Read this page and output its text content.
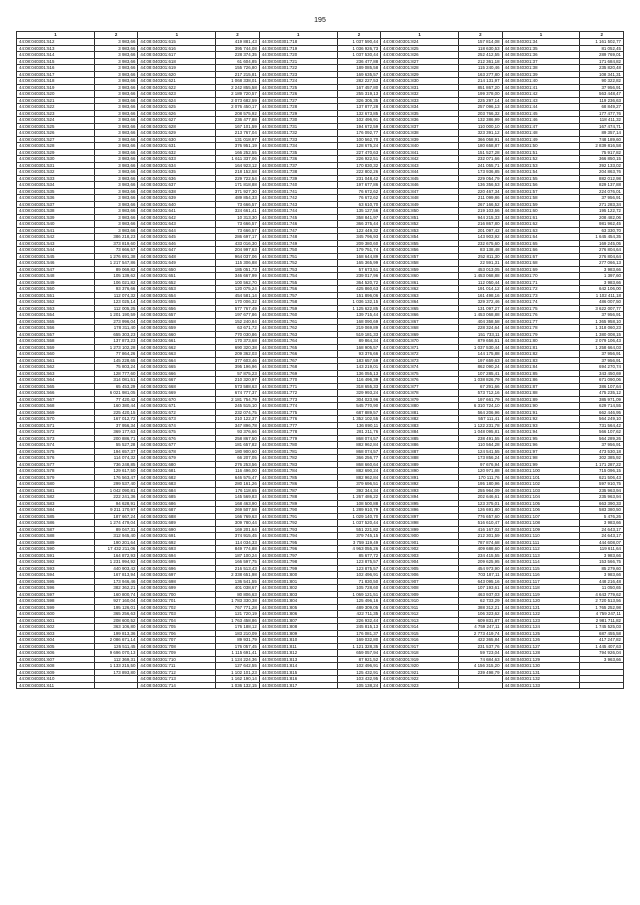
195
1	2	1	2	1	2	1	2	1	2
44:08:040301:512	3 983,66	44:08:040301:615	419 881,43	44:08:040301:718	1 037 590,44	44:08:040301:824	157 814,08	44:08:040301:34	1 161 502,77
44:08:040301:513	3 983,66	44:08:040301:616	395 744,08	44:08:040301:719	1 036 926,73	44:08:040301:825	118 630,53	44:08:040301:35	81 052,45
44:08:040301:514	3 983,66	44:08:040301:617	228 374,35	44:08:040301:720	1 037 530,44	44:08:040301:826	252 412,55	44:08:040301:36	289 769,01
44:08:040301:515	3 983,66	44:08:040301:618	61 604,85	44:08:040301:721	236 477,88	44:08:040301:827	212 361,18	44:08:040301:37	171 684,82
44:08:040301:516	3 983,66	44:08:040301:619	155 726,80	44:08:040301:722	189 085,58	44:08:040301:828	115 240,46	44:08:040301:38	235 820,48
44:08:040301:517	3 983,66	44:08:040301:620	217 215,81	44:08:040301:723	169 635,57	44:08:040301:829	163 277,80	44:08:040301:39	108 341,31
44:08:040301:518	3 983,66	44:08:040301:621	1 068 338,01	44:08:040301:724	282 227,53	44:08:040301:830	214 131,97	44:08:040301:40	90 322,82
44:08:040301:519	3 983,66	44:08:040301:622	2 242 855,58	44:08:040301:725	167 457,80	44:08:040301:831	851 867,20	44:08:040301:41	37 956,91
44:08:040301:520	3 983,66	44:08:040301:623	2 189 720,57	44:08:040301:726	255 319,13	44:08:040301:832	199 378,00	44:08:040301:42	563 448,47
44:08:040301:521	3 983,66	44:08:040301:624	2 073 682,59	44:08:040301:727	326 305,35	44:08:040301:833	225 297,14	44:08:040301:43	119 236,63
44:08:040301:522	3 983,66	44:08:040301:625	2 076 450,17	44:08:040301:728	137 877,28	44:08:040301:834	257 096,13	44:08:040301:44	68 849,27
44:08:040301:523	3 983,66	44:08:040301:626	208 575,92	44:08:040301:729	132 673,85	44:08:040301:835	203 766,32	44:08:040301:45	177 477,76
44:08:040301:524	3 983,66	44:08:040301:627	236 477,88	44:08:040301:730	102 496,91	44:08:040301:836	132 386,99	44:08:040301:46	118 411,32
44:08:040301:525	3 983,66	44:08:040301:628	167 101,59	44:08:040301:731	194 672,59	44:08:040301:837	110 000,10	44:08:040301:47	167 474,71
44:08:040301:526	3 983,66	44:08:040301:629	213 767,04	44:08:040301:732	176 092,77	44:08:040301:838	323 391,12	44:08:040301:48	89 357,14
44:08:040301:527	3 983,66	44:08:040301:630	131 018,97	44:08:040301:733	100 562,70	44:08:040301:839	366 058,91	44:08:040301:49	748 189,60
44:08:040301:528	3 983,66	44:08:040301:631	376 951,19	44:08:040301:734	128 675,24	44:08:040301:840	180 658,87	44:08:040301:50	2 839 816,58
44:08:040301:529	3 983,66	44:08:040301:632	166 252,55	44:08:040301:735	227 470,63	44:08:040301:841	151 527,28	44:08:040301:51	75 917,82
44:08:040301:530	3 983,66	44:08:040301:633	1 611 337,06	44:08:040301:736	226 922,51	44:08:040301:842	232 071,66	44:08:040301:52	366 850,15
44:08:040301:531	3 983,66	44:08:040301:634	164 923,12	44:08:040301:737	170 830,32	44:08:040301:843	241 055,71	44:08:040301:53	392 133,02
44:08:040301:532	3 983,66	44:08:040301:635	218 152,58	44:08:040301:738	222 802,26	44:08:040301:844	173 936,85	44:08:040301:54	204 863,76
44:08:040301:533	3 983,66	44:08:040301:636	229 722,54	44:08:040301:739	231 048,42	44:08:040301:845	229 054,79	44:08:040301:55	882 012,98
44:08:040301:534	3 983,66	44:08:040301:637	171 818,88	44:08:040301:740	197 677,86	44:08:040301:846	136 356,53	44:08:040301:56	829 137,88
44:08:040301:535	3 983,66	44:08:040301:638	371 927,30	44:08:040301:741	76 672,62	44:08:040301:847	220 467,34	44:08:040301:57	224 076,01
44:08:040301:536	3 983,66	44:08:040301:639	489 854,33	44:08:040301:742	76 672,62	44:08:040301:848	211 099,86	44:08:040301:58	37 956,91
44:08:040301:537	3 983,66	44:08:040301:640	73 666,57	44:08:040301:743	63 610,70	44:08:040301:849	267 166,52	44:08:040301:59	271 283,34
44:08:040301:538	3 983,66	44:08:040301:641	324 661,41	44:08:040301:744	135 127,56	44:08:040301:850	219 103,56	44:08:040301:60	195 122,72
44:08:040301:539	3 983,66	44:08:040301:642	10 313,30	44:08:040301:745	358 841,97	44:08:040301:851	944 215,33	44:08:040301:61	208 482,06
44:08:040301:540	3 983,66	44:08:040301:643	73 666,57	44:08:040301:746	366 375,44	44:08:040301:852	216 867,80	44:08:040301:62	981 962,45
44:08:040301:541	3 983,66	44:08:040301:644	73 666,57	44:08:040301:747	122 449,32	44:08:040301:853	201 097,42	44:08:040301:63	63 330,70
44:08:040301:542	386 218,23	44:08:040301:645	286 697,17	44:08:040301:748	345 796,93	44:08:040301:854	143 903,92	44:08:040301:64	1 645 454,35
44:08:040301:543	373 819,60	44:08:040301:646	433 016,30	44:08:040301:749	209 380,60	44:08:040301:855	232 675,60	44:08:040301:65	169 245,05
44:08:040301:544	73 666,57	44:08:040301:647	204 997,63	44:08:040301:750	179 751,74	44:08:040301:856	83 138,48	44:08:040301:66	276 804,64
44:08:040301:545	1 276 691,38	44:08:040301:648	964 037,06	44:08:040301:751	168 644,89	44:08:040301:857	252 811,30	44:08:040301:67	276 804,64
44:08:040301:546	1 217 547,86	44:08:040301:649	115 306,88	44:08:040301:752	165 365,99	44:08:040301:858	22 591,31	44:08:040301:68	277 066,13
44:08:040301:547	89 069,82	44:08:040301:650	185 051,73	44:08:040301:753	57 673,51	44:08:040301:859	453 013,05	44:08:040301:69	3 983,66
44:08:040301:548	105 139,62	44:08:040301:651	346 667,99	44:08:040301:754	239 017,96	44:08:040301:860	1 453 068,88	44:08:040301:70	1 397,60
44:08:040301:549	106 021,82	44:08:040301:652	100 562,70	44:08:040301:755	364 520,72	44:08:040301:861	112 050,44	44:08:040301:71	3 983,66
44:08:040301:550	93 376,66	44:08:040301:653	120 075,24	44:08:040301:756	425 860,63	44:08:040301:862	191 014,12	44:08:040301:72	642 106,00
44:08:040301:551	112 074,32	44:08:040301:654	454 581,14	44:08:040301:757	151 896,06	44:08:040301:863	161 498,16	44:08:040301:73	1 102 411,18
44:08:040301:552	123 025,14	44:08:040301:655	170 006,32	44:08:040301:758	1 036 132,15	44:08:040301:864	329 372,46	44:08:040301:74	486 007,50
44:08:040301:553	112 005,25	44:08:040301:656	577 767,49	44:08:040301:759	1 125 622,85	44:08:040301:865	131 097,27	44:08:040301:75	3 622 007,77
44:08:040301:554	1 201 190,59	44:08:040301:657	197 677,86	44:08:040301:760	139 715,44	44:08:040301:866	1 453 068,88	44:08:040301:76	37 956,91
44:08:040301:555	273 996,04	44:08:040301:658	152 240,84	44:08:040301:761	168 090,69	44:08:040301:867	404 358,58	44:08:040301:77	1 365 958,10
44:08:040301:556	178 311,40	44:08:040301:659	63 671,72	44:08:040301:762	219 069,89	44:08:040301:868	228 324,64	44:08:040301:78	1 318 060,23
44:08:040301:557	655 303,23	44:08:040301:660	770 030,86	44:08:040301:763	519 181,33	44:08:040301:869	151 733,11	44:08:040301:79	1 380 008,15
44:08:040301:558	137 873,23	44:08:040301:661	170 373,68	44:08:040301:764	89 864,34	44:08:040301:870	879 656,51	44:08:040301:80	2 079 106,43
44:08:040301:559	1 273 102,28	44:08:040301:662	690 320,38	44:08:040301:765	168 905,57	44:08:040301:871	1 037 530,44	44:08:040301:81	1 258 664,03
44:08:040301:560	77 864,26	44:08:040301:663	209 362,03	44:08:040301:766	93 376,66	44:08:040301:872	144 175,88	44:08:040301:82	37 956,91
44:08:040301:561	145 228,65	44:08:040301:664	377 603,46	44:08:040301:767	183 657,59	44:08:040301:873	197 659,63	44:08:040301:83	37 956,91
44:08:040301:562	75 803,24	44:08:040301:665	395 196,96	44:08:040301:768	143 219,01	44:08:040301:874	862 090,24	44:08:040301:84	694 270,74
44:08:040301:563	128 777,60	44:08:040301:666	57 875,23	44:08:040301:769	136 055,13	44:08:040301:875	107 285,41	44:08:040301:85	343 450,69
44:08:040301:564	314 081,51	44:08:040301:667	210 320,97	44:08:040301:770	116 496,39	44:08:040301:876	1 038 826,79	44:08:040301:86	671 090,06
44:08:040301:565	65 453,29	44:08:040301:668	573 588,63	44:08:040301:771	318 655,33	44:08:040301:877	67 291,66	44:08:040301:87	386 107,64
44:08:040301:566	6 021 981,05	44:08:040301:669	674 777,37	44:08:040301:772	329 993,24	44:08:040301:878	573 712,16	44:08:040301:88	475 235,12
44:08:040301:567	77 420,42	44:08:040301:670	2 181 754,79	44:08:040301:773	304 023,96	44:08:040301:879	197 661,79	44:08:040301:89	385 971,09
44:08:040301:568	160 380,44	44:08:040301:671	245 515,10	44:08:040301:774	545 770,90	44:08:040301:880	6 310 724,10	44:08:040301:90	629 714,55
44:08:040301:569	225 420,15	44:08:040301:672	232 074,75	44:08:040301:775	687 889,57	44:08:040301:881	564 206,96	44:08:040301:91	662 446,95
44:08:040301:570	167 012,72	44:08:040301:673	210 122,37	44:08:040301:776	1 352 102,55	44:08:040301:882	557 111,41	44:08:040301:92	564 249,10
44:08:040301:571	37 956,34	44:08:040301:674	347 896,78	44:08:040301:777	136 890,11	44:08:040301:883	1 122 231,78	44:08:040301:93	731 564,42
44:08:040301:572	369 177,63	44:08:040301:675	93 376,66	44:08:040301:778	281 211,76	44:08:040301:884	1 048 095,81	44:08:040301:94	566 107,62
44:08:040301:573	200 886,71	44:08:040301:676	258 867,50	44:08:040301:779	868 074,57	44:08:040301:885	238 491,55	44:08:040301:95	564 289,26
44:08:040301:574	55 527,28	44:08:040301:677	181 657,82	44:08:040301:780	882 962,84	44:08:040301:886	110 564,28	44:08:040301:96	37 956,91
44:08:040301:575	194 657,37	44:08:040301:678	180 900,60	44:08:040301:781	868 074,57	44:08:040301:887	124 541,55	44:08:040301:97	473 530,18
44:08:040301:576	114 074,32	44:08:040301:679	66 207,05	44:08:040301:782	366 256,77	44:08:040301:888	173 856,24	44:08:040301:98	302 385,92
44:08:040301:577	736 248,85	44:08:040301:680	276 253,56	44:08:040301:783	868 660,64	44:08:040301:889	97 676,94	44:08:040301:99	1 171 287,22
44:08:040301:578	129 617,50	44:08:040301:681	116 496,00	44:08:040301:784	882 690,24	44:08:040301:890	120 971,88	44:08:040301:100	715 096,15
44:08:040301:579	176 563,47	44:08:040301:682	646 575,47	44:08:040301:785	882 962,84	44:08:040301:891	170 111,76	44:08:040301:101	621 506,43
44:08:040301:580	299 537,40	44:08:040301:683	280 161,26	44:08:040301:786	379 696,51	44:08:040301:892	195 180,96	44:08:040301:102	597 910,75
44:08:040301:581	1 042 090,81	44:08:040301:684	176 118,65	44:08:040301:787	392 344,34	44:08:040301:893	255 964,09	44:08:040301:103	235 963,94
44:08:040301:582	222 241,36	44:08:040301:685	145 569,83	44:08:040301:788	1 267 486,22	44:08:040301:894	202 646,61	44:08:040301:104	235 963,94
44:08:040301:583	94 628,91	44:08:040301:686	168 463,90	44:08:040301:789	108 500,88	44:08:040301:895	123 375,01	44:08:040301:105	663 390,33
44:08:040301:584	9 211 170,97	44:08:040301:687	269 507,58	44:08:040301:790	1 289 910,79	44:08:040301:896	126 691,80	44:08:040301:106	583 380,50
44:08:040301:585	187 667,24	44:08:040301:688	166 769,63	44:08:040301:791	1 029 140,70	44:08:040301:897	776 657,60	44:08:040301:107	5 476,26
44:08:040301:586	1 274 479,04	44:08:040301:689	309 780,44	44:08:040301:792	1 037 520,44	44:08:040301:898	516 610,47	44:08:040301:108	3 983,66
44:08:040301:587	89 047,31	44:08:040301:690	169 201,64	44:08:040301:793	551 221,82	44:08:040301:899	416 167,02	44:08:040301:109	24 643,17
44:08:040301:588	312 945,40	44:08:040301:691	374 915,45	44:08:040301:794	379 745,15	44:08:040301:900	212 301,59	44:08:040301:110	24 643,17
44:08:040301:589	190 201,64	44:08:040301:692	114 034,33	44:08:040301:795	3 759 119,49	44:08:040301:901	787 874,68	44:08:040301:111	444 608,07
44:08:040301:590	17 432 211,06	44:08:040301:693	849 774,88	44:08:040301:796	4 963 055,26	44:08:040301:902	409 688,60	44:08:040301:112	119 611,64
44:08:040301:591	164 872,93	44:08:040301:694	187 100,24	44:08:040301:797	85 677,72	44:08:040301:903	234 415,55	44:08:040301:113	3 983,66
44:08:040301:592	1 231 994,92	44:08:040301:695	166 597,75	44:08:040301:798	123 875,57	44:08:040301:904	209 625,95	44:08:040301:114	153 566,75
44:08:040301:593	440 903,42	44:08:040301:696	216 513,43	44:08:040301:799	123 875,57	44:08:040301:905	454 973,90	44:08:040301:115	85 279,60
44:08:040301:594	167 813,94	44:08:040301:697	2 338 651,98	44:08:040301:800	102 496,91	44:08:040301:906	703 187,11	44:08:040301:116	3 983,66
44:08:040301:595	173 946,46	44:08:040301:698	136 541,55	44:08:040301:801	71 830,50	44:08:040301:907	643 095,16	44:08:040301:117	448 216,48
44:08:040301:596	382 362,21	44:08:040301:699	401 038,67	44:08:040301:802	105 728,60	44:08:040301:908	107 193,61	44:08:040301:118	11 050,65
44:08:040301:597	160 800,74	44:08:040301:700	80 806,63	44:08:040301:803	1 069 121,51	44:08:040301:909	463 937,03	44:08:040301:119	4 643 779,62
44:08:040301:598	927 160,04	44:08:040301:701	1 783 330,38	44:08:040301:804	125 496,16	44:08:040301:910	62 733,29	44:08:040301:120	2 720 513,56
44:08:040301:599	195 126,01	44:08:040301:702	767 771,28	44:08:040301:805	489 309,05	44:08:040301:911	388 312,21	44:08:040301:121	1 765 252,98
44:08:040301:600	365 256,63	44:08:040301:703	121 720,19	44:08:040301:806	422 711,35	44:08:040301:912	106 323,62	44:08:040301:122	4 759 247,11
44:08:040301:601	208 600,52	44:08:040301:704	1 763 458,86	44:08:040301:807	226 932,44	44:08:040301:913	609 831,87	44:08:040301:123	2 981 711,82
44:08:040301:602	363 106,80	44:08:040301:705	176 188,12	44:08:040301:808	245 815,13	44:08:040301:914	4 759 247,11	44:08:040301:124	1 745 525,03
44:08:040301:603	199 813,36	44:08:040301:706	183 210,09	44:08:040301:809	176 081,37	44:08:040301:915	2 773 419,74	44:08:040301:125	687 455,58
44:08:040301:604	2 086 671,14	44:08:040301:707	89 931,79	44:08:040301:810	169 032,80	44:08:040301:916	422 365,84	44:08:040301:126	417 247,82
44:08:040301:605	126 511,45	44:08:040301:708	176 057,45	44:08:040301:811	1 121 328,35	44:08:040301:917	231 537,76	44:08:040301:127	1 445 407,63
44:08:040301:606	9 696 070,13	44:08:040301:709	1 115 691,41	44:08:040301:812	659 057,94	44:08:040301:918	59 723,04	44:08:040301:128	794 926,04
44:08:040301:607	112 369,31	44:08:040301:710	1 124 224,36	44:08:040301:813	87 921,52	44:08:040301:919	74 684,63	44:08:040301:129	3 963,66
44:08:040301:608	1 133 215,50	44:08:040301:711	127 642,55	44:08:040301:814	102 496,91	44:08:040301:920	4 156 315,20	44:08:040301:130	
44:08:040301:609	173 893,80	44:08:040301:712	1 102 101,23	44:08:040301:815	125 432,91	44:08:040301:921	239 498,79	44:08:040301:131	
44:08:040301:610		44:08:040301:713	1 162 190,14	44:08:040301:816	103 432,95	44:08:040301:922		44:08:040301:132	
44:08:040301:611		44:08:040301:714	1 036 132,15	44:08:040301:817	105 138,24	44:08:040301:923		44:08:040301:133	
